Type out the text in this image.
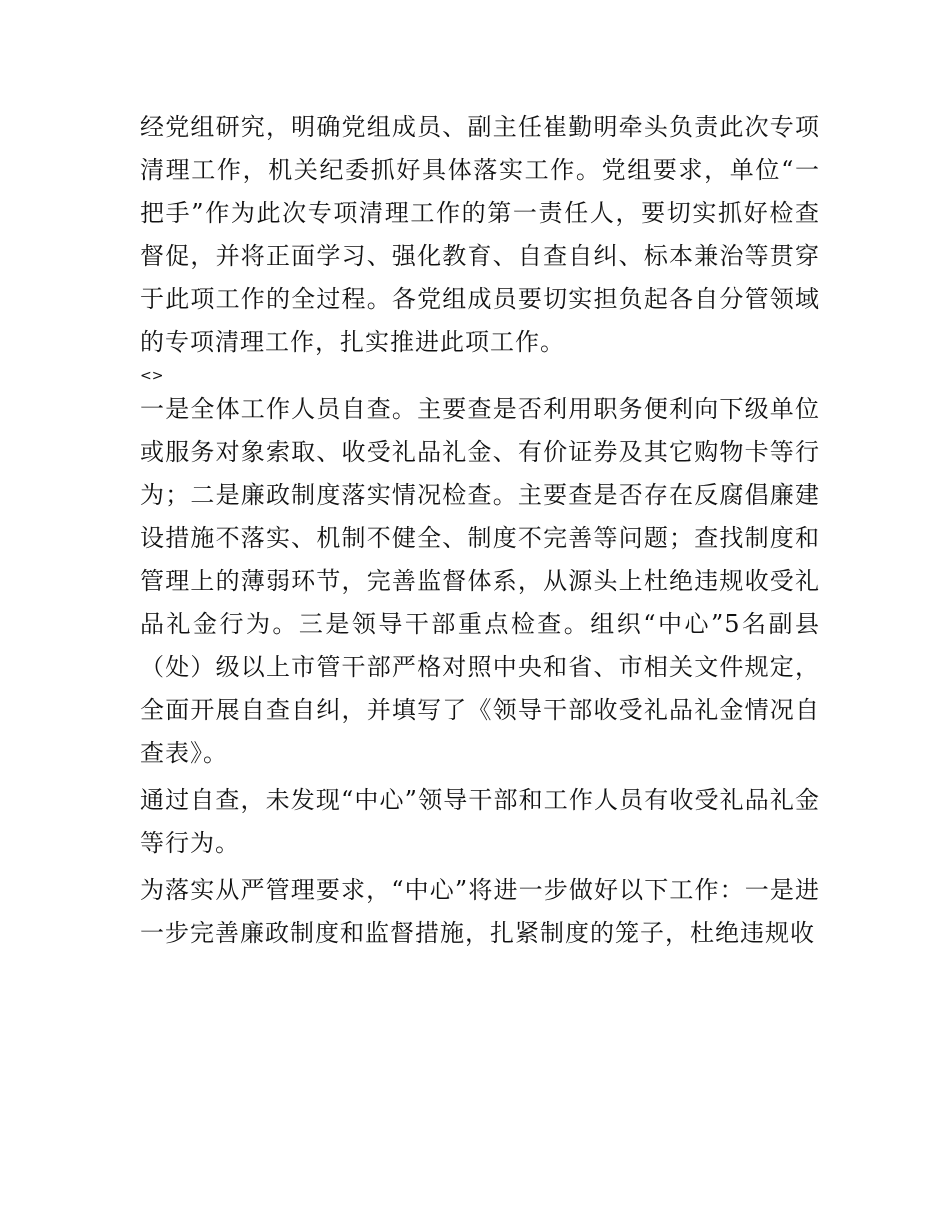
经党组研究，明确党组成员、副主任崔勤明牵头负责此次专项清理工作，机关纪委抓好具体落实工作。党组要求，单位“一把手”作为此次专项清理工作的第一责任人，要切实抓好检查督促，并将正面学习、强化教育、自查自纠、标本兼治等贯穿于此项工作的全过程。各党组成员要切实担负起各自分管领域的专项清理工作，扎实推进此项工作。

<>

一是全体工作人员自查。主要查是否利用职务便利向下级单位或服务对象索取、收受礼品礼金、有价证券及其它购物卡等行为；二是廉政制度落实情况检查。主要查是否存在反腐倡廉建设措施不落实、机制不健全、制度不完善等问题；查找制度和管理上的薄弱环节，完善监督体系，从源头上杜绝违规收受礼品礼金行为。三是领导干部重点检查。组织“中心”5名副县（处）级以上市管干部严格对照中央和省、市相关文件规定，全面开展自查自纠，并填写了《领导干部收受礼品礼金情况自查表》。

通过自查，未发现“中心”领导干部和工作人员有收受礼品礼金等行为。

为落实从严管理要求，“中心”将进一步做好以下工作：一是进一步完善廉政制度和监督措施，扎紧制度的笼子，杜绝违规收
